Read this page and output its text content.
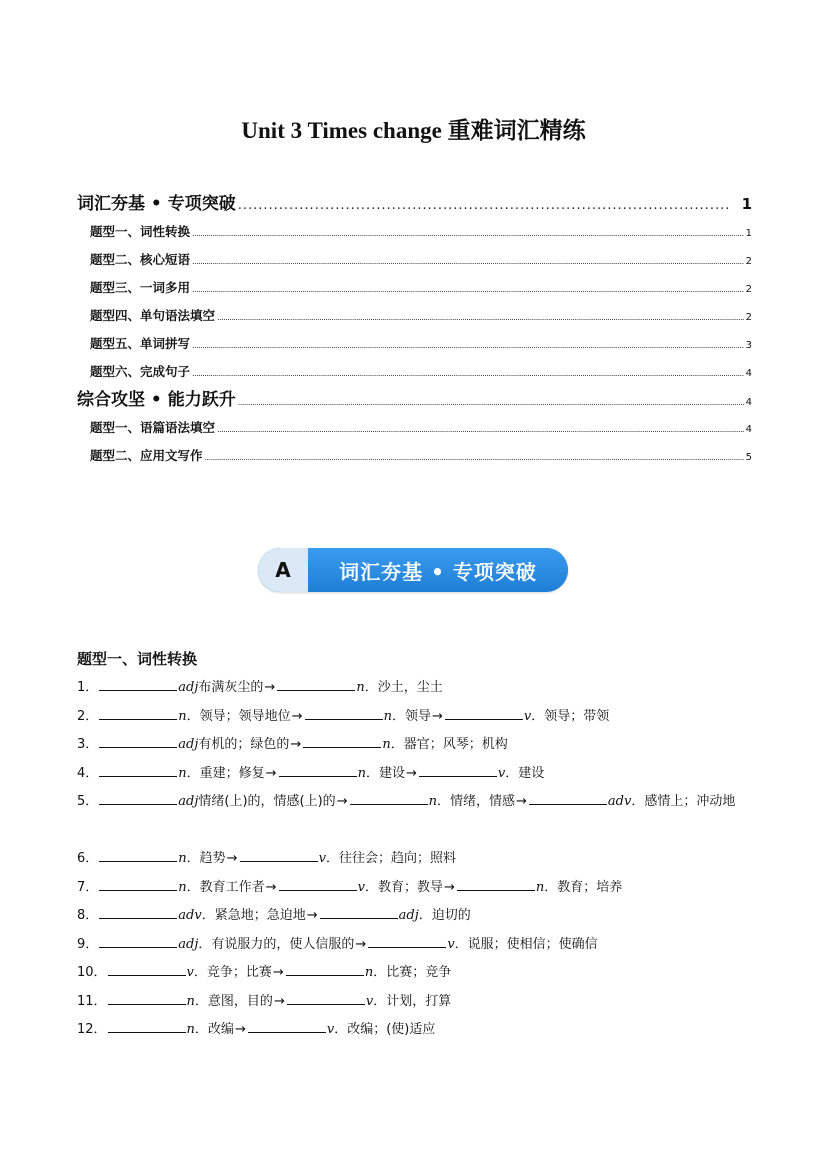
Unit 3 Times change 重难词汇精练
词汇夯基 • 专项突破 .....	1
题型一、词性转换 .....	1
题型二、核心短语 .....	2
题型三、一词多用 .....	2
题型四、单句语法填空 .....	2
题型五、单词拼写 .....	3
题型六、完成句子 .....	4
综合攻坚 • 能力跃升 .....	4
题型一、语篇语法填空 .....	4
题型二、应用文写作 .....	5
A	词汇夯基 • 专项突破
题型一、词性转换
1．	adj布满灰尘的→	n．沙土，尘土
2．	n．领导；领导地位→	n．领导→	v．领导；带领
3．	adj有机的；绿色的→	n．器官；风琴；机构
4．	n．重建；修复→	n．建设→	v．建设
5．	adj情绪(上)的，情感(上)的→	n．情绪，情感→	adv．感情上；冲动地
6．	n．趋势→	v．往往会；趋向；照料
7．	n．教育工作者→	v．教育；教导→	n．教育；培养
8．	adv．紧急地；急迫地→	adj．迫切的
9．	adj．有说服力的，使人信服的→	v．说服；使相信；使确信
10．	v．竞争；比赛→	n．比赛；竞争
11．	n．意图，目的→	v．计划，打算
12．	n．改编→	v．改编；(使)适应
